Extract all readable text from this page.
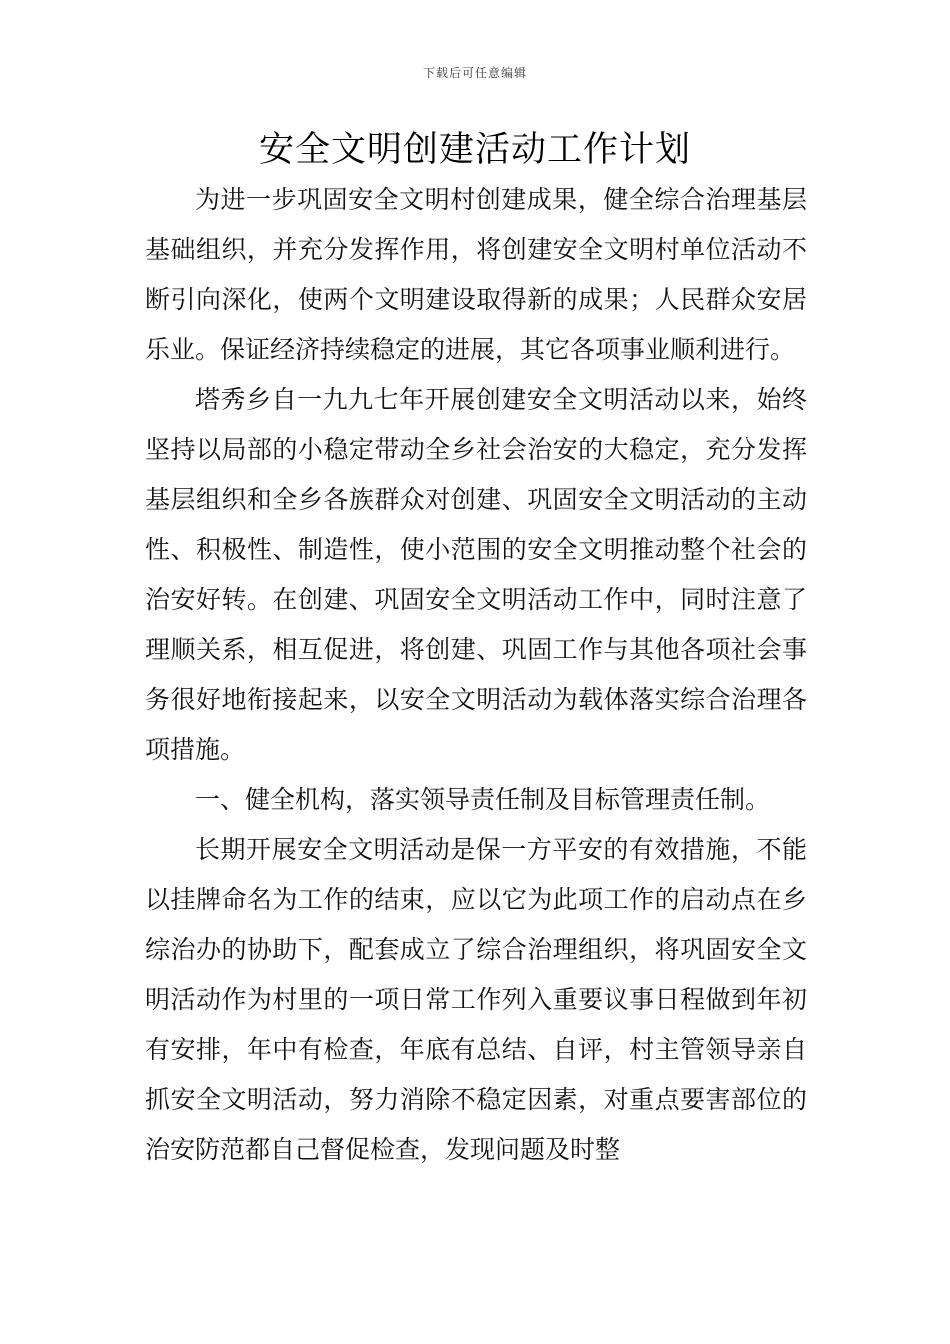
下载后可任意编辑
安全文明创建活动工作计划

为进一步巩固安全文明村创建成果，健全综合治理基层基础组织，并充分发挥作用，将创建安全文明村单位活动不断引向深化，使两个文明建设取得新的成果；人民群众安居乐业。保证经济持续稳定的进展，其它各项事业顺利进行。

塔秀乡自一九九七年开展创建安全文明活动以来，始终坚持以局部的小稳定带动全乡社会治安的大稳定，充分发挥基层组织和全乡各族群众对创建、巩固安全文明活动的主动性、积极性、制造性，使小范围的安全文明推动整个社会的治安好转。在创建、巩固安全文明活动工作中，同时注意了理顺关系，相互促进，将创建、巩固工作与其他各项社会事务很好地衔接起来，以安全文明活动为载体落实综合治理各项措施。

一、健全机构，落实领导责任制及目标管理责任制。

长期开展安全文明活动是保一方平安的有效措施，不能以挂牌命名为工作的结束，应以它为此项工作的启动点在乡综治办的协助下，配套成立了综合治理组织，将巩固安全文明活动作为村里的一项日常工作列入重要议事日程做到年初有安排，年中有检查，年底有总结、自评，村主管领导亲自抓安全文明活动，努力消除不稳定因素，对重点要害部位的治安防范都自己督促检查，发现问题及时整
